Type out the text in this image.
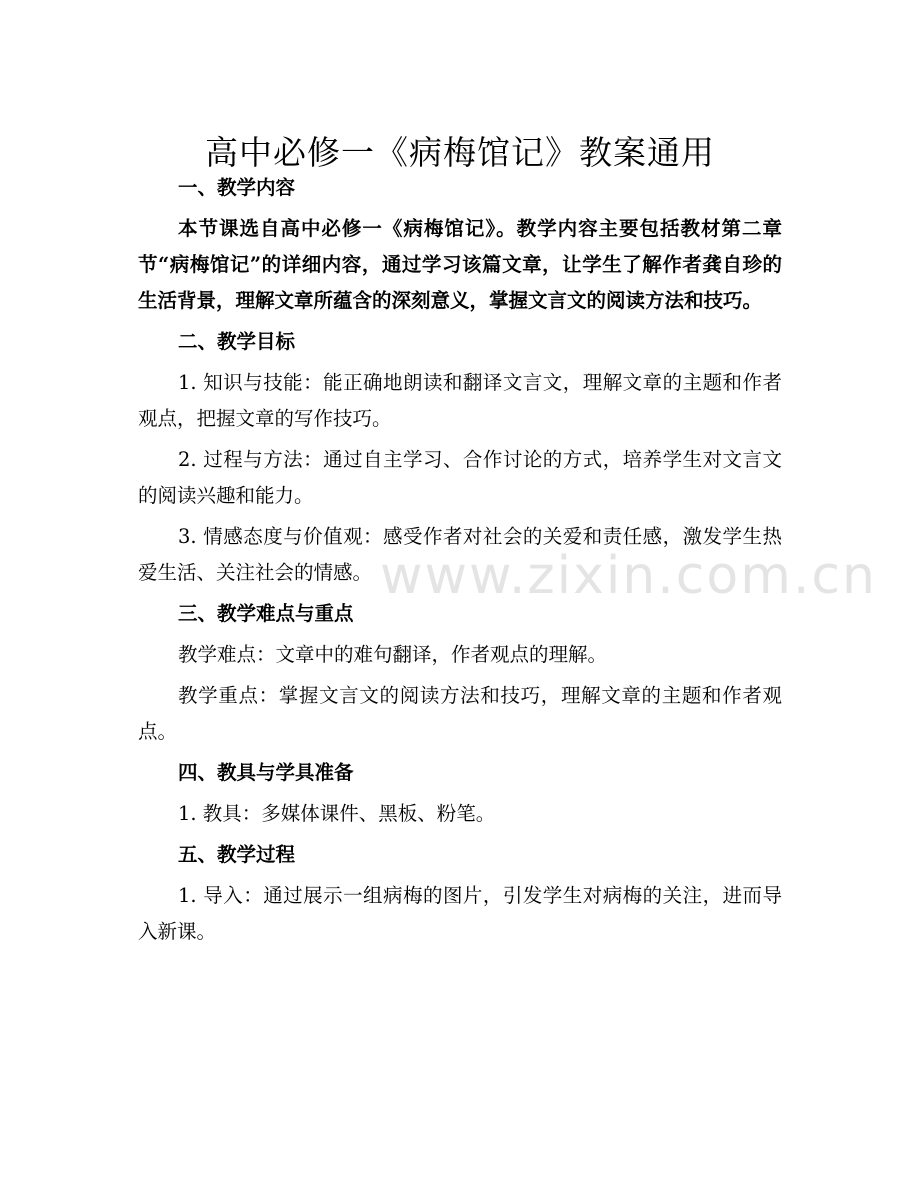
www.zixin.com.cn
高中必修一《病梅馆记》教案通用
一、教学内容

本节课选自高中必修一《病梅馆记》。教学内容主要包括教材第二章节“病梅馆记”的详细内容，通过学习该篇文章，让学生了解作者龚自珍的生活背景，理解文章所蕴含的深刻意义，掌握文言文的阅读方法和技巧。

二、教学目标

1. 知识与技能：能正确地朗读和翻译文言文，理解文章的主题和作者观点，把握文章的写作技巧。

2. 过程与方法：通过自主学习、合作讨论的方式，培养学生对文言文的阅读兴趣和能力。

3. 情感态度与价值观：感受作者对社会的关爱和责任感，激发学生热爱生活、关注社会的情感。

三、教学难点与重点

教学难点：文章中的难句翻译，作者观点的理解。

教学重点：掌握文言文的阅读方法和技巧，理解文章的主题和作者观点。

四、教具与学具准备

1. 教具：多媒体课件、黑板、粉笔。

五、教学过程

1. 导入：通过展示一组病梅的图片，引发学生对病梅的关注，进而导入新课。
